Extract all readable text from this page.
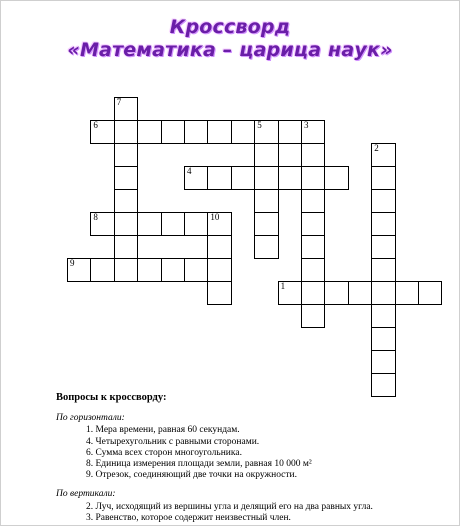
Кроссворд
«Математика – царица наук»
6	5	3
4
8	10
9
1
7
2
Вопросы к кроссворду:
По горизонтали:
1. Мера времени, равная 60 секундам.
4. Четырехугольник с равными сторонами.
6. Сумма всех сторон многоугольника.
8. Единица измерения площади земли, равная 10 000 м²
9. Отрезок, соединяющий две точки на окружности.
По вертикали:
2. Луч, исходящий из вершины угла и делящий его на два равных угла.
3. Равенство, которое содержит неизвестный член.
